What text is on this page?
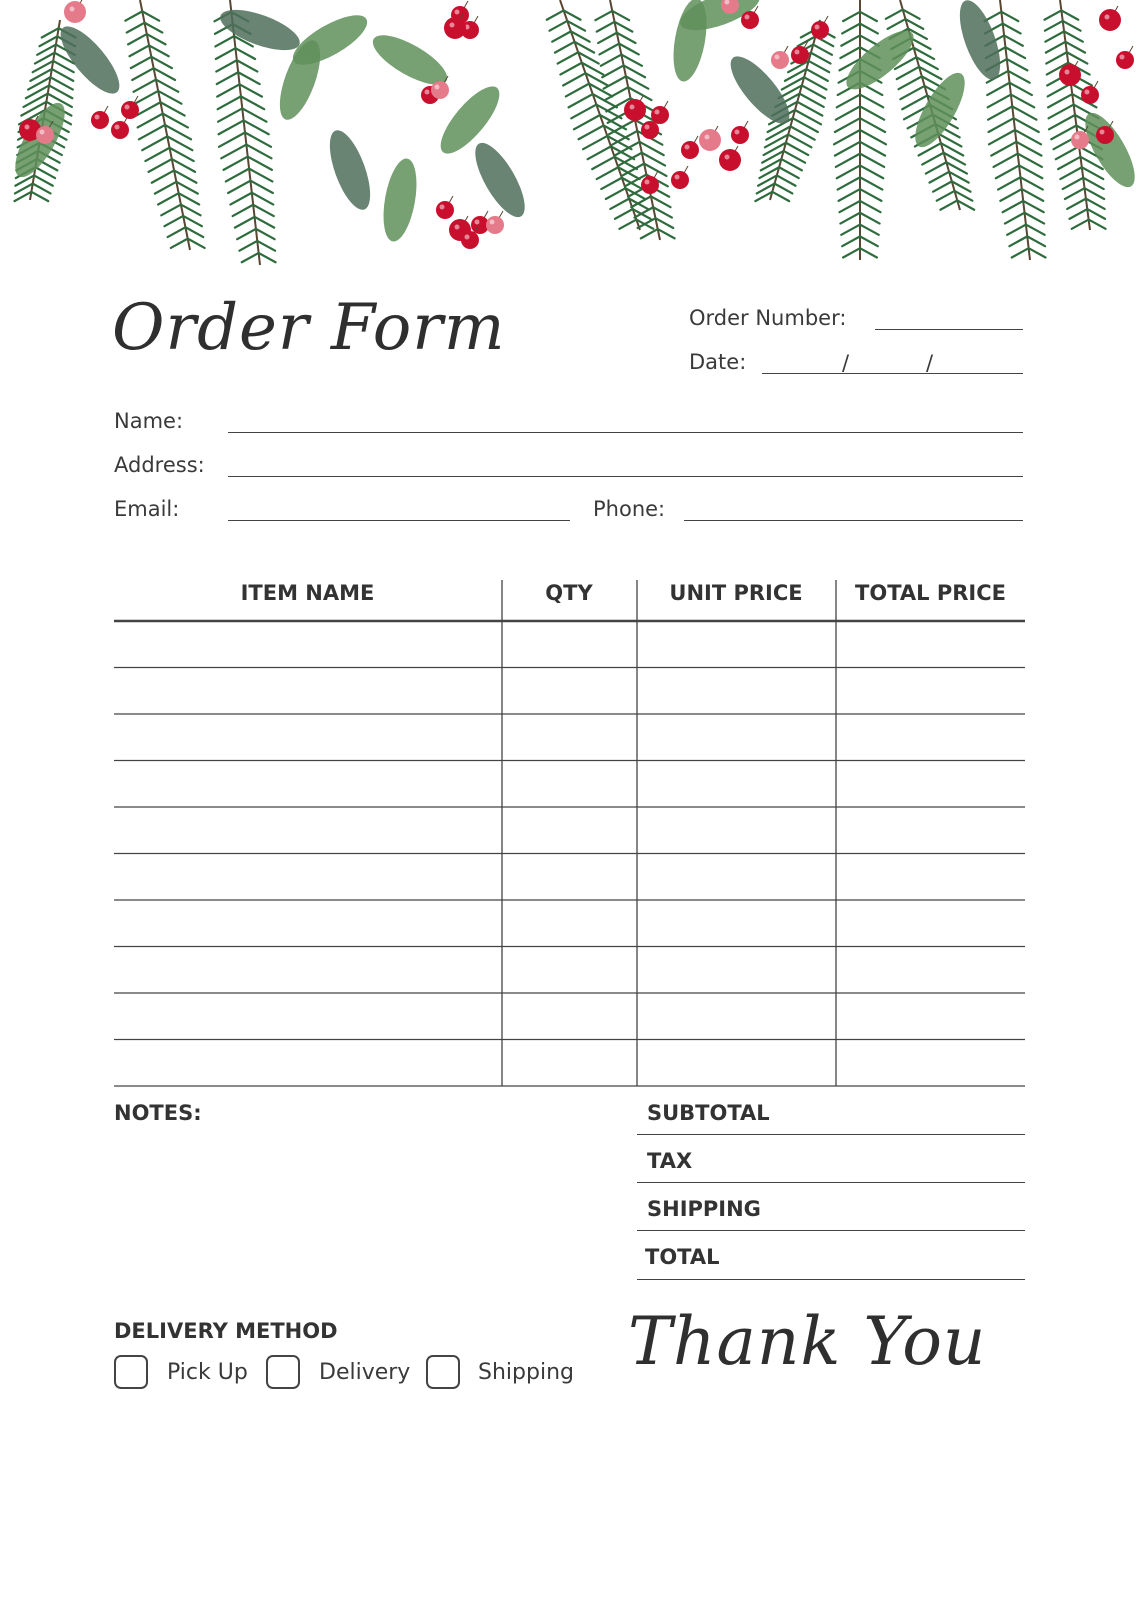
Order Form	Order Number:
Date:	/	/
Name:
Address:
Email:	Phone:
ITEM NAME	QTY	UNIT PRICE	TOTAL PRICE
NOTES:	SUBTOTAL
TAX
SHIPPING
TOTAL
DELIVERY METHOD
Pick Up	Delivery	Shipping Thank You
